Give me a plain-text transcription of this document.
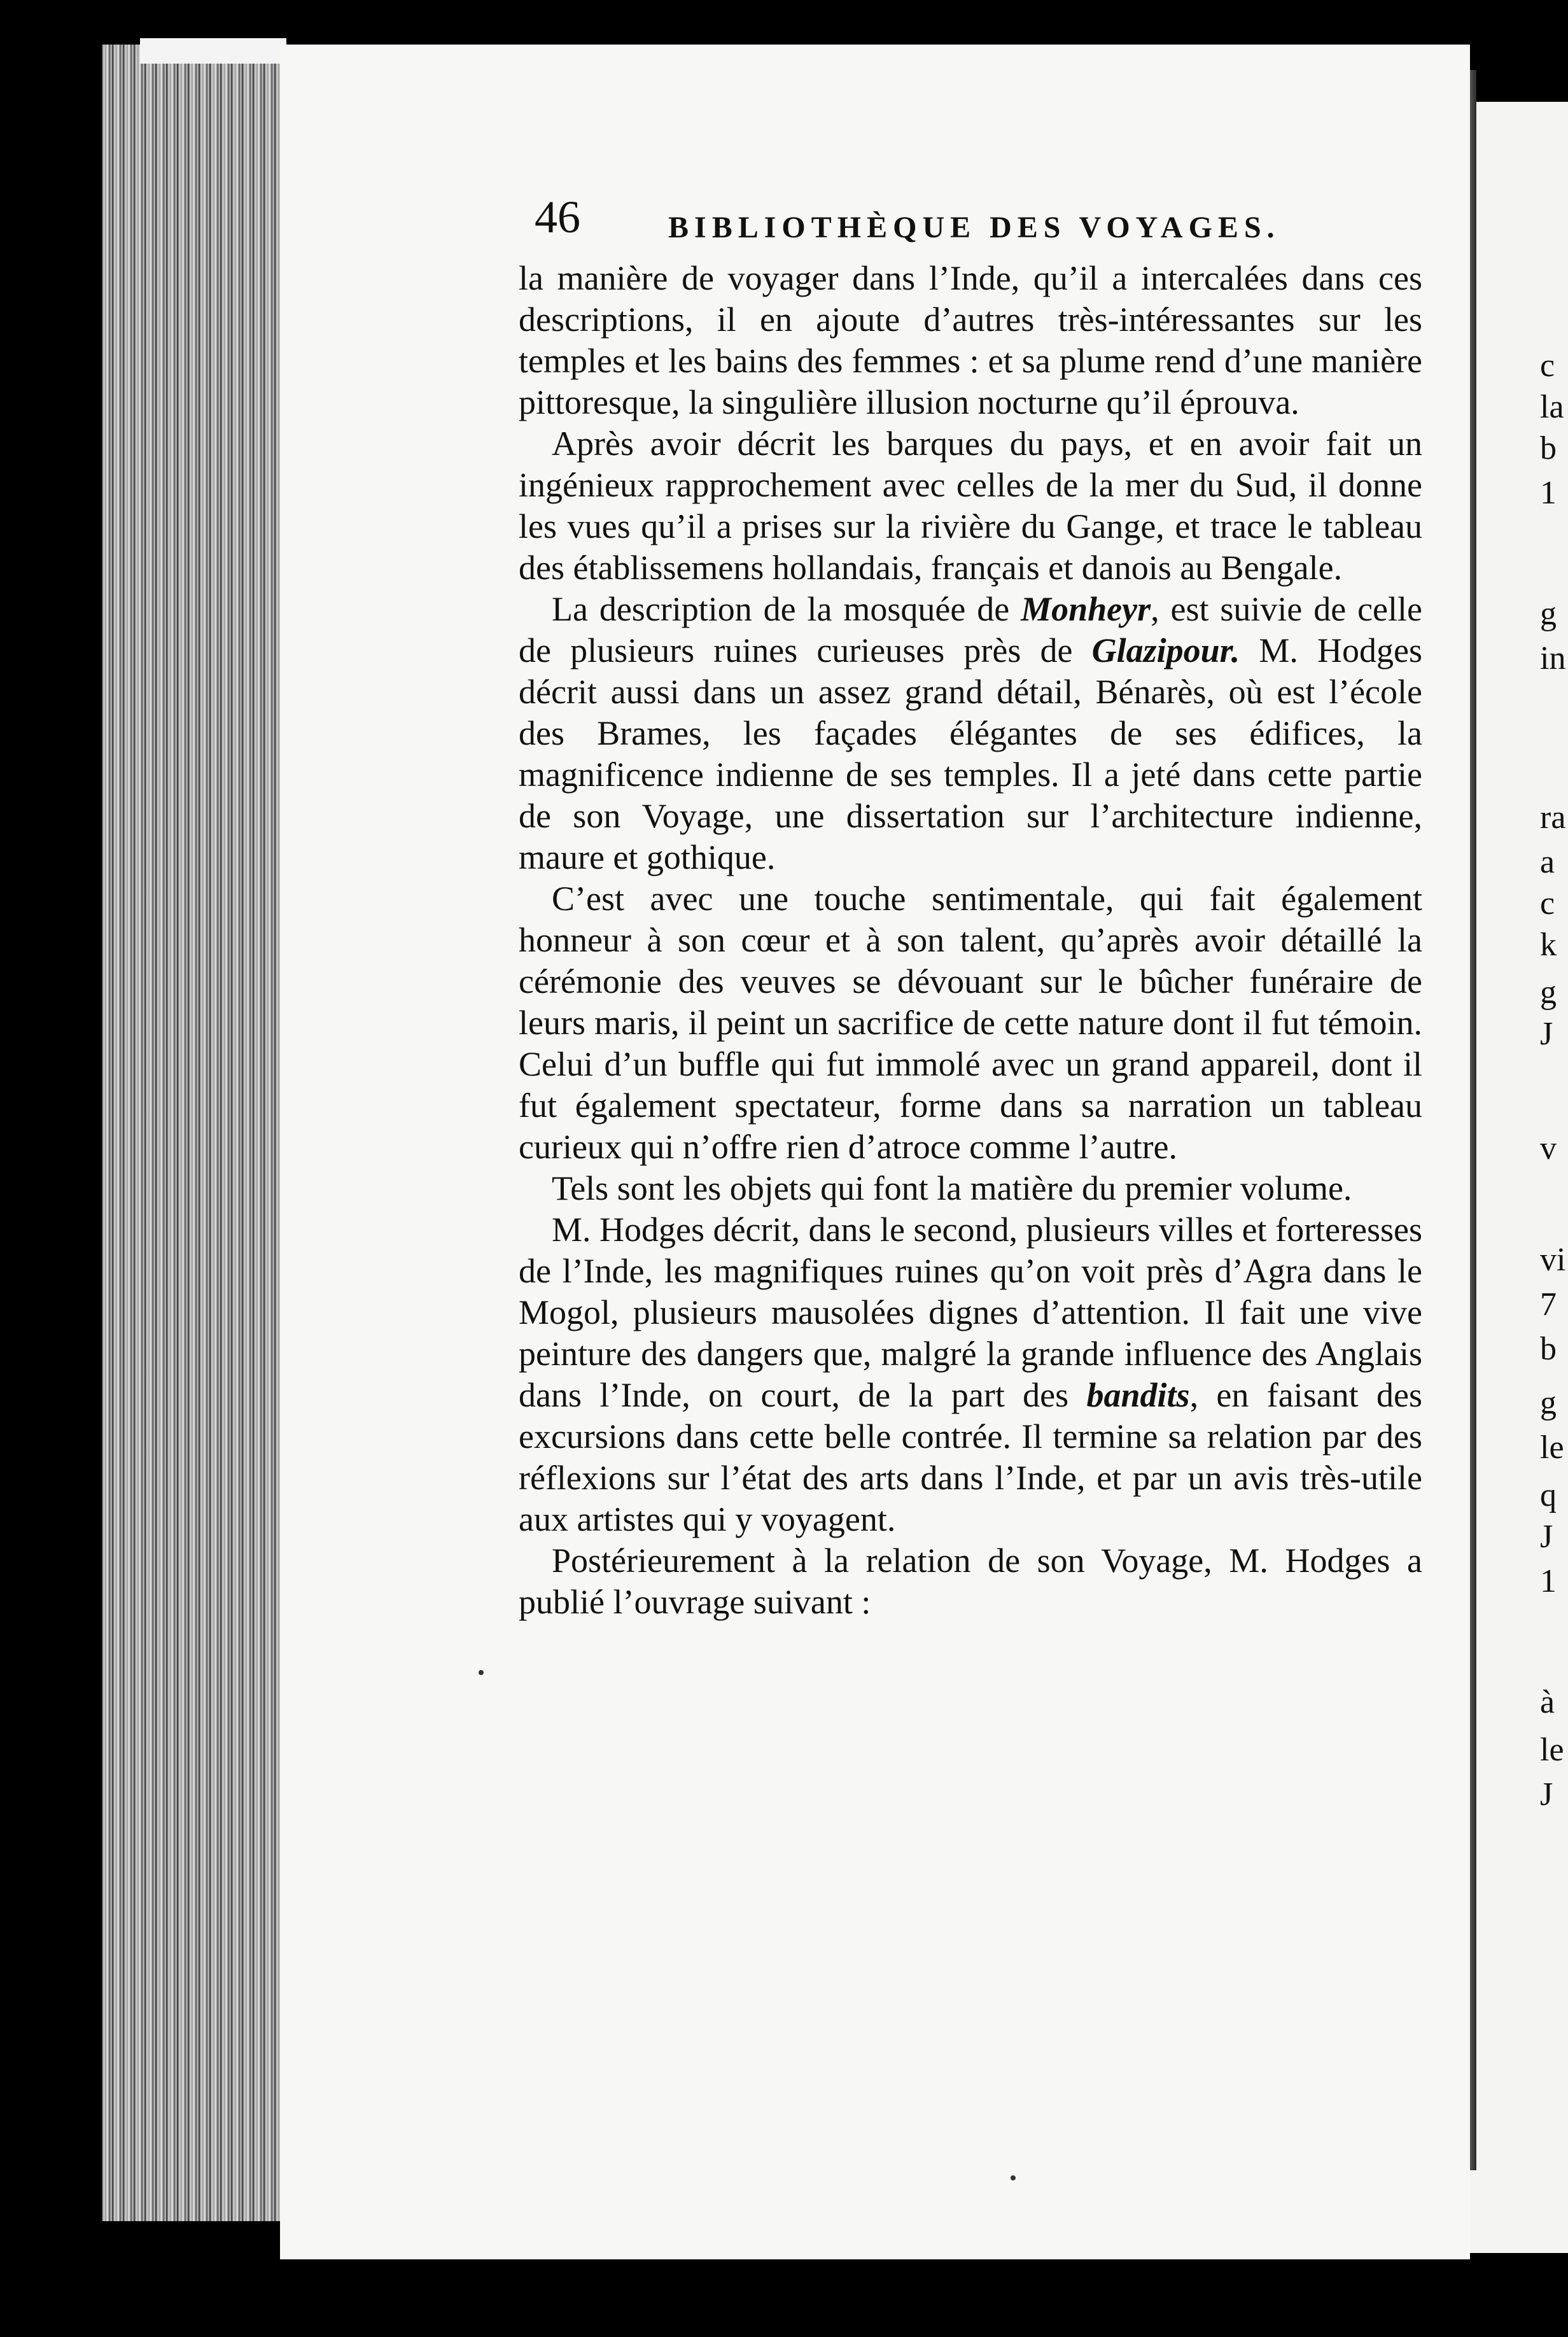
46	BIBLIOTHÈQUE DES VOYAGES.

la manière de voyager dans l’Inde, qu’il a intercalées dans ces descriptions, il en ajoute d’autres très-intéressantes sur les temples et les bains des femmes : et sa plume rend d’une manière pittoresque, la singulière illusion nocturne qu’il éprouva.

Après avoir décrit les barques du pays, et en avoir fait un ingénieux rapprochement avec celles de la mer du Sud, il donne les vues qu’il a prises sur la rivière du Gange, et trace le tableau des établissemens hollandais, français et danois au Bengale.

La description de la mosquée de Monheyr, est suivie de celle de plusieurs ruines curieuses près de Glazipour. M. Hodges décrit aussi dans un assez grand détail, Bénarès, où est l’école des Brames, les façades élégantes de ses édifices, la magnificence indienne de ses temples. Il a jeté dans cette partie de son Voyage, une dissertation sur l’architecture indienne, maure et gothique.

C’est avec une touche sentimentale, qui fait également honneur à son cœur et à son talent, qu’après avoir détaillé la cérémonie des veuves se dévouant sur le bûcher funéraire de leurs maris, il peint un sacrifice de cette nature dont il fut témoin. Celui d’un buffle qui fut immolé avec un grand appareil, dont il fut également spectateur, forme dans sa narration un tableau curieux qui n’offre rien d’atroce comme l’autre.

Tels sont les objets qui font la matière du premier volume.

M. Hodges décrit, dans le second, plusieurs villes et forteresses de l’Inde, les magnifiques ruines qu’on voit près d’Agra dans le Mogol, plusieurs mausolées dignes d’attention. Il fait une vive peinture des dangers que, malgré la grande influence des Anglais dans l’Inde, on court, de la part des bandits, en faisant des excursions dans cette belle contrée. Il termine sa relation par des réflexions sur l’état des arts dans l’Inde, et par un avis très-utile aux artistes qui y voyagent.

Postérieurement à la relation de son Voyage, M. Hodges a publié l’ouvrage suivant :

c
la
b
1
g
in
ra
a
c
k
g
J
v
vi
7
b
g
le
q
J
1
à
le
J
